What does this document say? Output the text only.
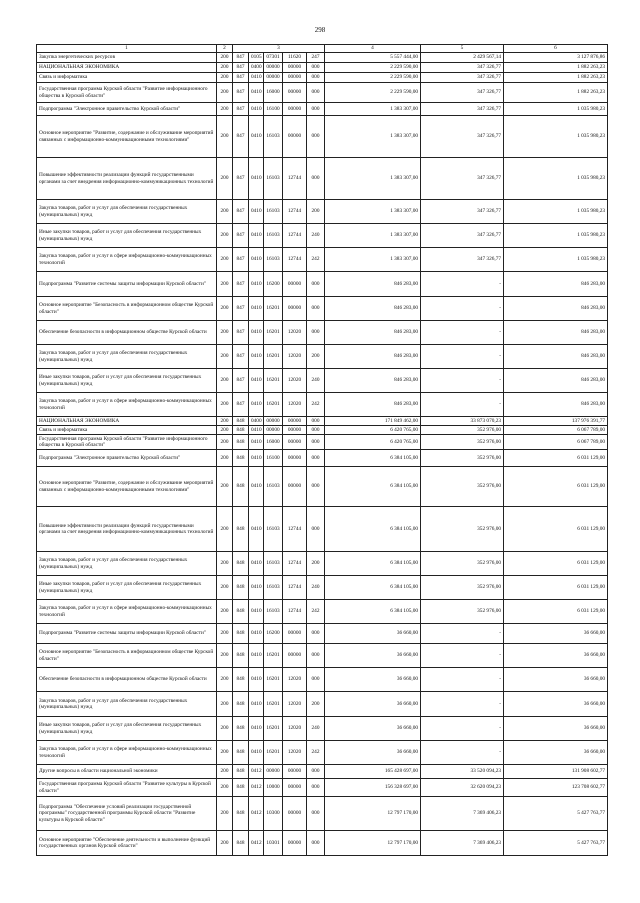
298
1	2	3					4	5	6
Закупка энергетических ресурсов	200	847	0105	07301	11620	247	5 557 444,00	2 429 567,14	3 127 876,86
НАЦИОНАЛЬНАЯ ЭКОНОМИКА	200	847	0400	00000	00000	000	2 229 590,00	347 326,77	1 882 263,23
Связь и информатика	200	847	0410	00000	00000	000	2 229 590,00	347 326,77	1 882 263,23
Государственная программа Курской области "Развитие информационного общества в Курской области"	200	847	0410	16000	00000	000	2 229 590,00	347 326,77	1 882 263,23
Подпрограмма "Электронное правительство Курской области"	200	847	0410	16100	00000	000	1 383 307,00	347 326,77	1 035 980,23
Основное мероприятие "Развитие, содержание и обслуживание мероприятий связанных с информационно-коммуникационными технологиями"	200	847	0410	16103	00000	000	1 383 307,00	347 326,77	1 035 980,23
Повышение эффективности реализации функций государственными органами за счет внедрения информационно-коммуникационных технологий	200	847	0410	16103	12744	000	1 383 307,00	347 326,77	1 035 980,23
Закупка товаров, работ и услуг для обеспечения государственных (муниципальных) нужд	200	847	0410	16103	12744	200	1 383 307,00	347 326,77	1 035 980,23
Иные закупки товаров, работ и услуг для обеспечения государственных (муниципальных) нужд	200	847	0410	16103	12744	240	1 383 307,00	347 326,77	1 035 980,23
Закупка товаров, работ и услуг в сфере информационно-коммуникационных технологий	200	847	0410	16103	12744	242	1 383 307,00	347 326,77	1 035 980,23
Подпрограмма "Развитие системы защиты информации Курской области"	200	847	0410	16200	00000	000	846 283,00	-	846 283,00
Основное мероприятие "Безопасность в информационном обществе Курской области"	200	847	0410	16201	00000	000	846 283,00	-	846 283,00
Обеспечение безопасности в информационном обществе Курской области	200	847	0410	16201	12020	000	846 283,00	-	846 283,00
Закупка товаров, работ и услуг для обеспечения государственных (муниципальных) нужд	200	847	0410	16201	12020	200	846 283,00	-	846 283,00
Иные закупки товаров, работ и услуг для обеспечения государственных (муниципальных) нужд	200	847	0410	16201	12020	240	846 283,00	-	846 283,00
Закупка товаров, работ и услуг в сфере информационно-коммуникационных технологий	200	847	0410	16201	12020	242	846 283,00	-	846 283,00
НАЦИОНАЛЬНАЯ ЭКОНОМИКА	200	848	0400	00000	00000	000	171 849 462,00	33 873 070,23	137 976 391,77
Связь и информатика	200	848	0410	00000	00000	000	6 420 765,00	352 976,00	6 067 789,00
Государственная программа Курской области "Развитие информационного общества в Курской области"	200	848	0410	16000	00000	000	6 420 765,00	352 976,00	6 067 789,00
Подпрограмма "Электронное правительство Курской области"	200	848	0410	16100	00000	000	6 384 105,00	352 976,00	6 031 129,00
Основное мероприятие "Развитие, содержание и обслуживание мероприятий связанных с информационно-коммуникационными технологиями"	200	848	0410	16103	00000	000	6 384 105,00	352 976,00	6 031 129,00
Повышение эффективности реализации функций государственными органами за счет внедрения информационно-коммуникационных технологий	200	848	0410	16103	12744	000	6 384 105,00	352 976,00	6 031 129,00
Закупка товаров, работ и услуг для обеспечения государственных (муниципальных) нужд	200	848	0410	16103	12744	200	6 384 105,00	352 976,00	6 031 129,00
Иные закупки товаров, работ и услуг для обеспечения государственных (муниципальных) нужд	200	848	0410	16103	12744	240	6 384 105,00	352 976,00	6 031 129,00
Закупка товаров, работ и услуг в сфере информационно-коммуникационных технологий	200	848	0410	16103	12744	242	6 384 105,00	352 976,00	6 031 129,00
Подпрограмма "Развитие системы защиты информации Курской области"	200	848	0410	16200	00000	000	36 660,00	-	36 660,00
Основное мероприятие "Безопасность в информационном обществе Курской области"	200	848	0410	16201	00000	000	36 660,00	-	36 660,00
Обеспечение безопасности в информационном обществе Курской области	200	848	0410	16201	12020	000	36 660,00	-	36 660,00
Закупка товаров, работ и услуг для обеспечения государственных (муниципальных) нужд	200	848	0410	16201	12020	200	36 660,00	-	36 660,00
Иные закупки товаров, работ и услуг для обеспечения государственных (муниципальных) нужд	200	848	0410	16201	12020	240	36 660,00	-	36 660,00
Закупка товаров, работ и услуг в сфере информационно-коммуникационных технологий	200	848	0410	16201	12020	242	36 660,00	-	36 660,00
Другие вопросы в области национальной экономики	200	848	0412	00000	00000	000	165 428 697,00	33 520 094,23	131 908 602,77
Государственная программа Курской области "Развитие культуры в Курской области"	200	848	0412	10000	00000	000	156 328 697,00	32 620 094,23	123 708 602,77
Подпрограмма "Обеспечение условий реализации государственной программы" государственной программы Курской области "Развитие культуры в Курской области"	200	848	0412	10300	00000	000	12 797 170,00	7 369 406,23	5 427 763,77
Основное мероприятие "Обеспечение деятельности и выполнение функций государственных органов Курской области"	200	848	0412	10301	00000	000	12 797 170,00	7 369 406,23	5 427 763,77
